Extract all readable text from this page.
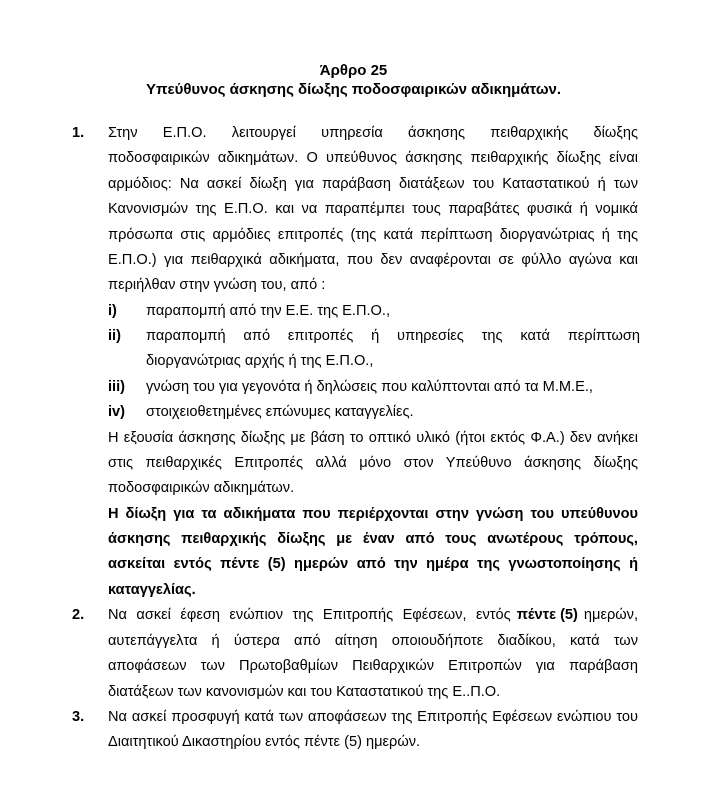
Άρθρο 25
Υπεύθυνος άσκησης δίωξης ποδοσφαιρικών αδικημάτων.
1. Στην Ε.Π.Ο. λειτουργεί υπηρεσία άσκησης πειθαρχικής δίωξης
ποδοσφαιρικών αδικημάτων. Ο υπεύθυνος άσκησης πειθαρχικής δίωξης είναι
αρμόδιος: Να ασκεί δίωξη για παράβαση διατάξεων του Καταστατικού ή των
Κανονισμών της Ε.Π.Ο. και να παραπέμπει τους παραβάτες φυσικά ή νομικά
πρόσωπα στις αρμόδιες επιτροπές (της κατά περίπτωση διοργανώτριας ή της
Ε.Π.Ο.) για πειθαρχικά αδικήματα, που δεν αναφέρονται σε φύλλο αγώνα και
περιήλθαν στην γνώση του, από :
i) παραπομπή από την Ε.Ε. της Ε.Π.Ο.,
ii) παραπομπή από επιτροπές ή υπηρεσίες της κατά περίπτωση
διοργανώτριας αρχής ή της Ε.Π.Ο.,
iii) γνώση του για γεγονότα ή δηλώσεις που καλύπτονται από τα Μ.Μ.Ε.,
iv) στοιχειοθετημένες επώνυμες καταγγελίες.
Η εξουσία άσκησης δίωξης με βάση το οπτικό υλικό (ήτοι εκτός Φ.Α.) δεν ανήκει
στις πειθαρχικές Επιτροπές αλλά μόνο στον Υπεύθυνο άσκησης δίωξης
ποδοσφαιρικών αδικημάτων.
Η δίωξη για τα αδικήματα που περιέρχονται στην γνώση του υπεύθυνου
άσκησης πειθαρχικής δίωξης με έναν από τους ανωτέρους τρόπους,
ασκείται εντός πέντε (5) ημερών από την ημέρα της γνωστοποίησης ή
καταγγελίας.
2. Να ασκεί έφεση ενώπιον της Επιτροπής Εφέσεων, εντός πέντε (5) ημερών,
αυτεπάγγελτα ή ύστερα από αίτηση οποιουδήποτε διαδίκου, κατά των
αποφάσεων των Πρωτοβαθμίων Πειθαρχικών Επιτροπών για παράβαση
διατάξεων των κανονισμών και του Καταστατικού της Ε..Π.Ο.
3. Να ασκεί προσφυγή κατά των αποφάσεων της Επιτροπής Εφέσεων ενώπιου του
Διαιτητικού Δικαστηρίου εντός πέντε (5) ημερών.
